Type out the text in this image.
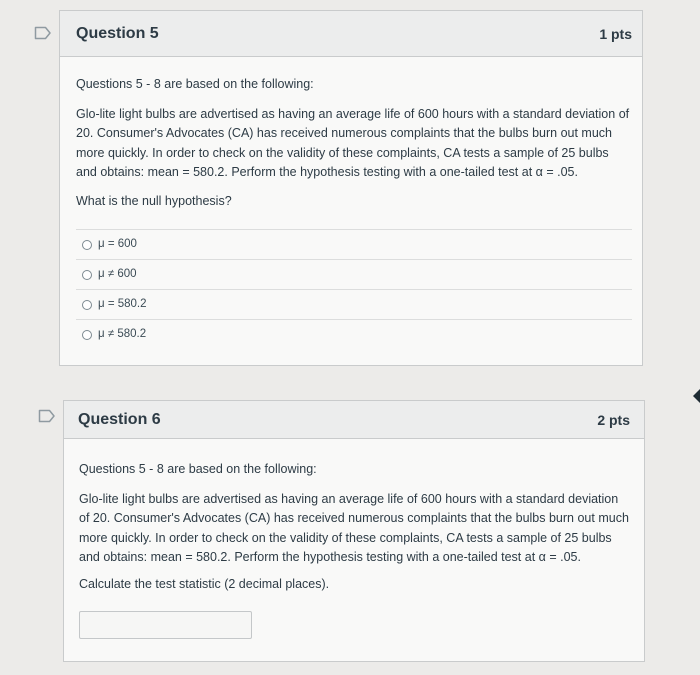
Question 5	1 pts

Questions 5 - 8 are based on the following:

Glo-lite light bulbs are advertised as having an average life of 600 hours with a standard deviation of 20. Consumer's Advocates (CA) has received numerous complaints that the bulbs burn out much more quickly. In order to check on the validity of these complaints, CA tests a sample of 25 bulbs and obtains: mean = 580.2. Perform the hypothesis testing with a one-tailed test at α = .05.

What is the null hypothesis?

μ = 600
μ ≠ 600
μ = 580.2
μ ≠ 580.2
Question 6	2 pts

Questions 5 - 8 are based on the following:

Glo-lite light bulbs are advertised as having an average life of 600 hours with a standard deviation of 20. Consumer's Advocates (CA) has received numerous complaints that the bulbs burn out much more quickly. In order to check on the validity of these complaints, CA tests a sample of 25 bulbs and obtains: mean = 580.2. Perform the hypothesis testing with a one-tailed test at α = .05.

Calculate the test statistic (2 decimal places).
